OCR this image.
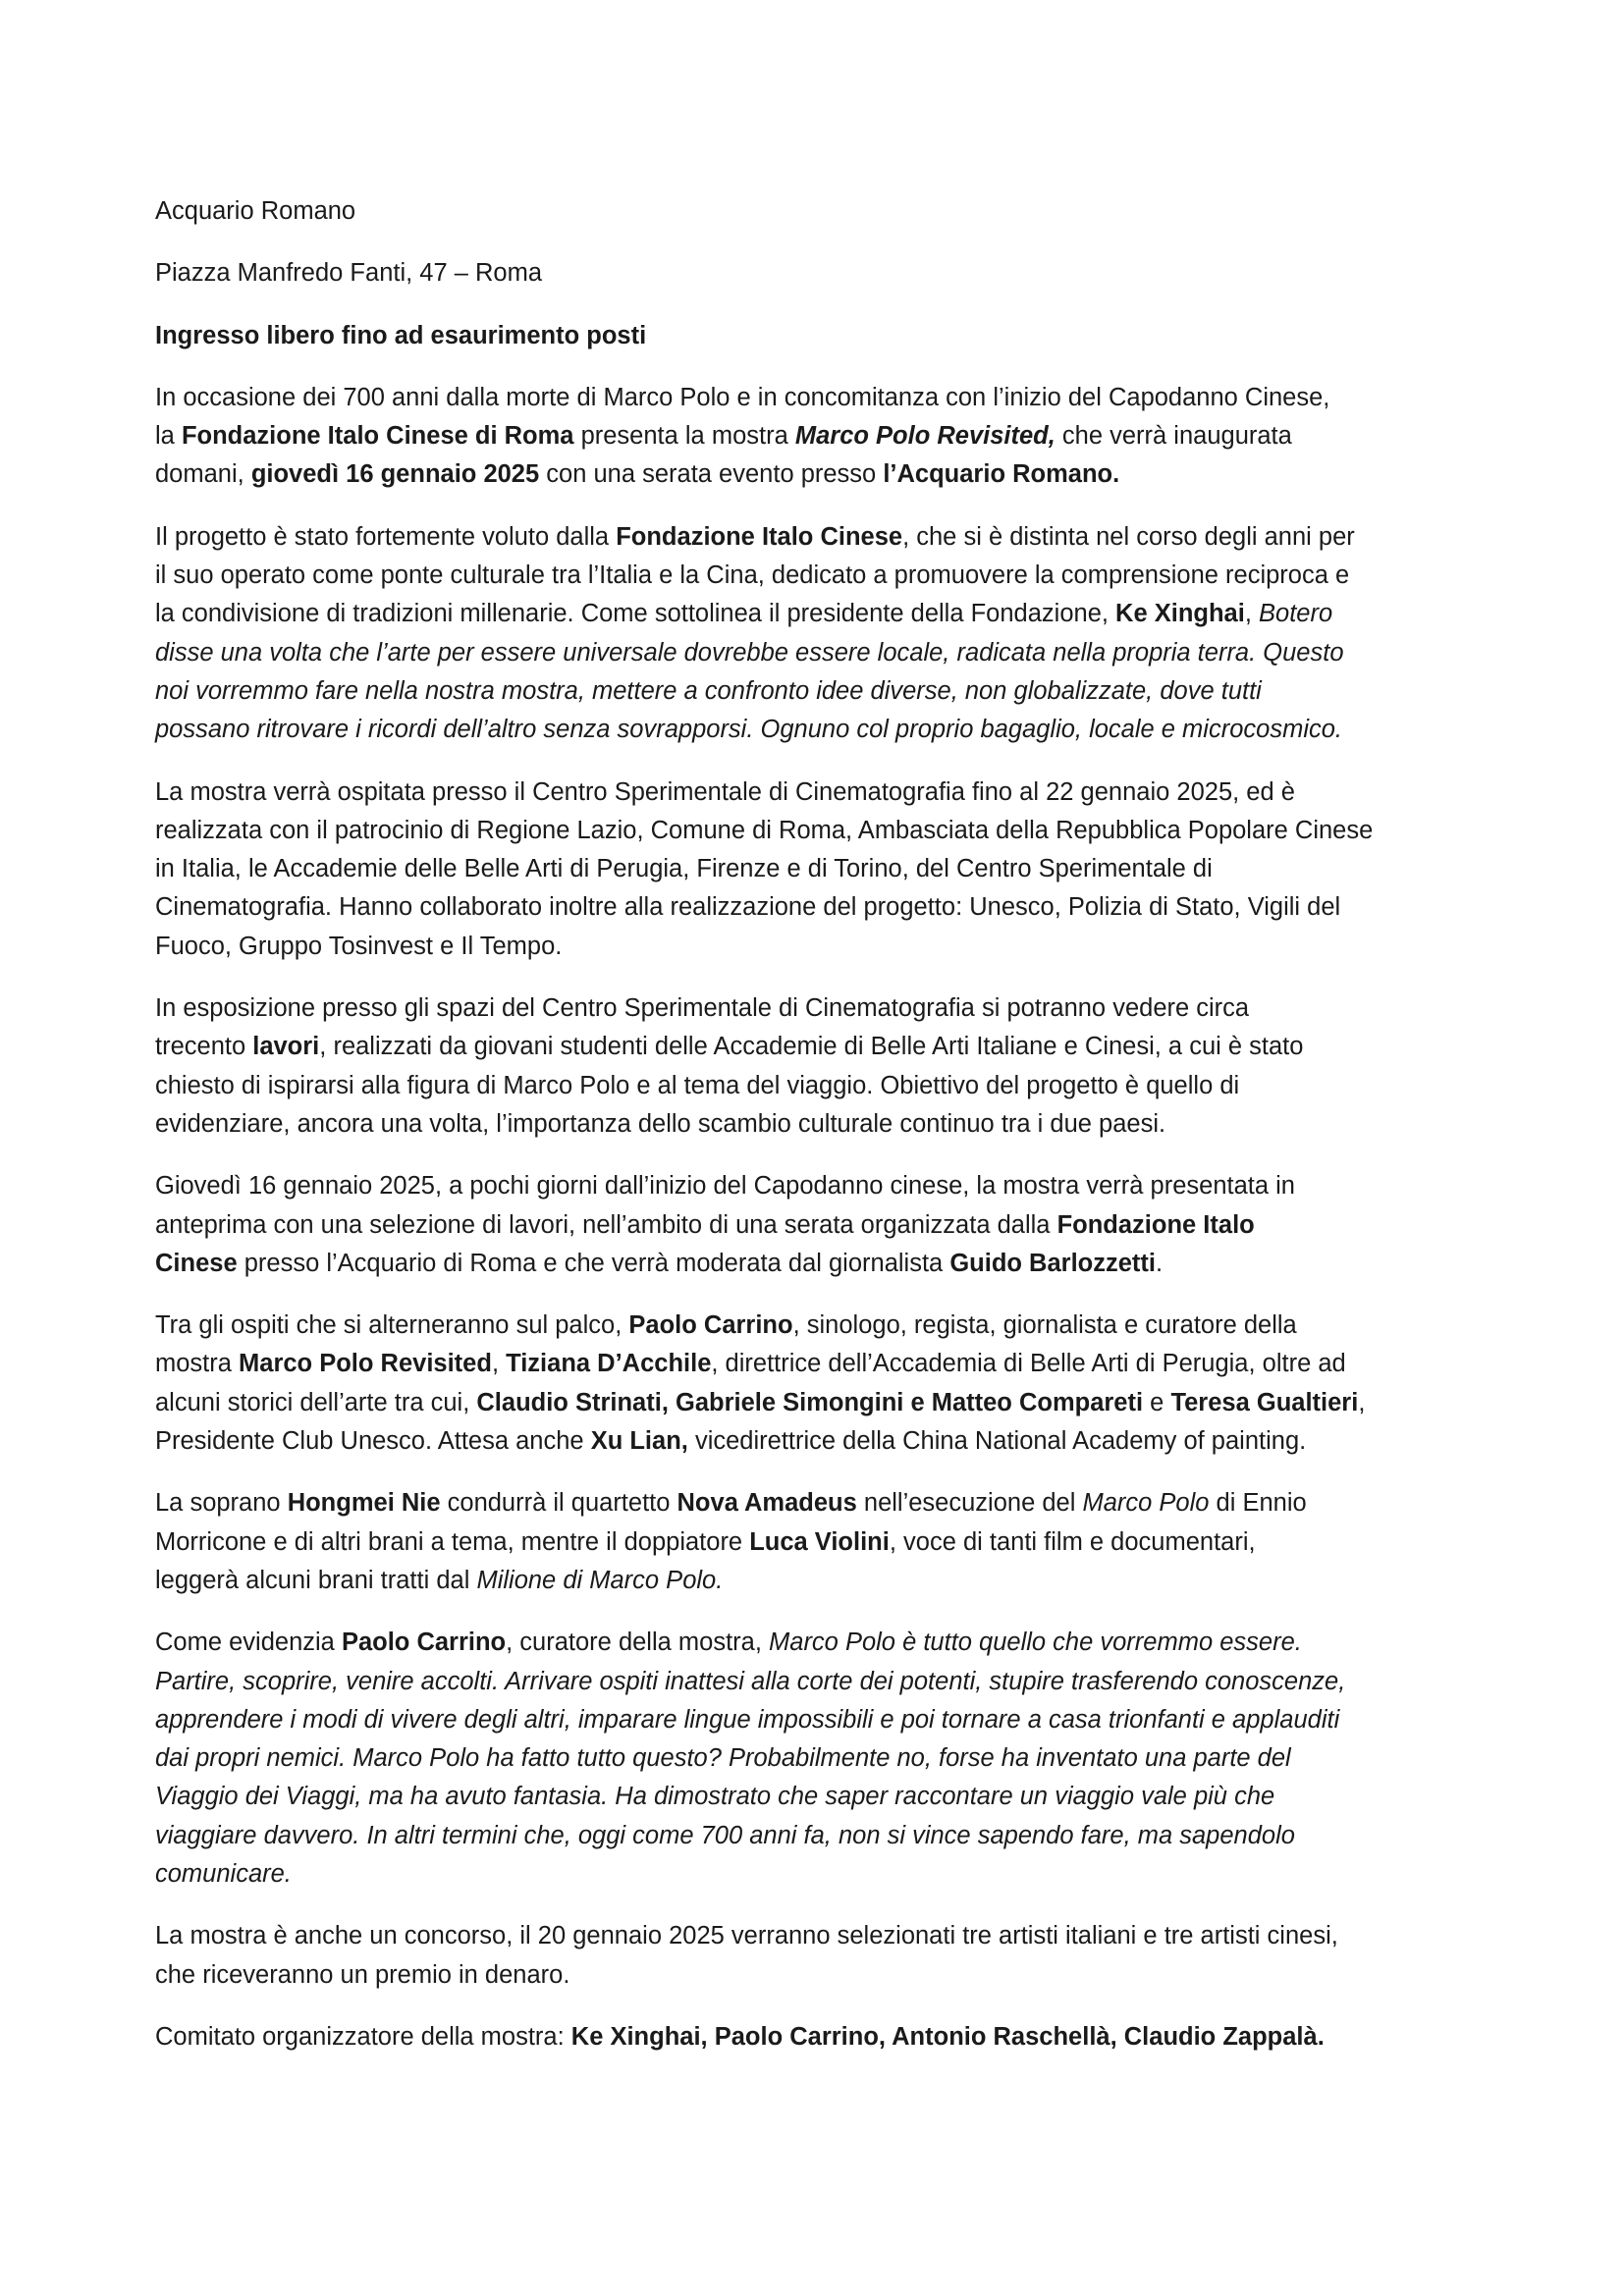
Acquario Romano

Piazza Manfredo Fanti, 47 – Roma

Ingresso libero fino ad esaurimento posti

In occasione dei 700 anni dalla morte di Marco Polo e in concomitanza con l’inizio del Capodanno Cinese,
la Fondazione Italo Cinese di Roma presenta la mostra Marco Polo Revisited, che verrà inaugurata
domani, giovedì 16 gennaio 2025 con una serata evento presso l’Acquario Romano.

Il progetto è stato fortemente voluto dalla Fondazione Italo Cinese, che si è distinta nel corso degli anni per
il suo operato come ponte culturale tra l’Italia e la Cina, dedicato a promuovere la comprensione reciproca e
la condivisione di tradizioni millenarie. Come sottolinea il presidente della Fondazione, Ke Xinghai, Botero
disse una volta che l’arte per essere universale dovrebbe essere locale, radicata nella propria terra. Questo
noi vorremmo fare nella nostra mostra, mettere a confronto idee diverse, non globalizzate, dove tutti
possano ritrovare i ricordi dell’altro senza sovrapporsi. Ognuno col proprio bagaglio, locale e microcosmico.

La mostra verrà ospitata presso il Centro Sperimentale di Cinematografia fino al 22 gennaio 2025, ed è
realizzata con il patrocinio di Regione Lazio, Comune di Roma, Ambasciata della Repubblica Popolare Cinese
in Italia, le Accademie delle Belle Arti di Perugia, Firenze e di Torino, del Centro Sperimentale di
Cinematografia. Hanno collaborato inoltre alla realizzazione del progetto: Unesco, Polizia di Stato, Vigili del
Fuoco, Gruppo Tosinvest e Il Tempo.

In esposizione presso gli spazi del Centro Sperimentale di Cinematografia si potranno vedere circa
trecento lavori, realizzati da giovani studenti delle Accademie di Belle Arti Italiane e Cinesi, a cui è stato
chiesto di ispirarsi alla figura di Marco Polo e al tema del viaggio. Obiettivo del progetto è quello di
evidenziare, ancora una volta, l’importanza dello scambio culturale continuo tra i due paesi.

Giovedì 16 gennaio 2025, a pochi giorni dall’inizio del Capodanno cinese, la mostra verrà presentata in
anteprima con una selezione di lavori, nell’ambito di una serata organizzata dalla Fondazione Italo
Cinese presso l’Acquario di Roma e che verrà moderata dal giornalista Guido Barlozzetti.

Tra gli ospiti che si alterneranno sul palco, Paolo Carrino, sinologo, regista, giornalista e curatore della
mostra Marco Polo Revisited, Tiziana D’Acchile, direttrice dell’Accademia di Belle Arti di Perugia, oltre ad
alcuni storici dell’arte tra cui, Claudio Strinati, Gabriele Simongini e Matteo Compareti e Teresa Gualtieri,
Presidente Club Unesco. Attesa anche Xu Lian, vicedirettrice della China National Academy of painting.

La soprano Hongmei Nie condurrà il quartetto Nova Amadeus nell’esecuzione del Marco Polo di Ennio
Morricone e di altri brani a tema, mentre il doppiatore Luca Violini, voce di tanti film e documentari,
leggerà alcuni brani tratti dal Milione di Marco Polo.

Come evidenzia Paolo Carrino, curatore della mostra, Marco Polo è tutto quello che vorremmo essere.
Partire, scoprire, venire accolti. Arrivare ospiti inattesi alla corte dei potenti, stupire trasferendo conoscenze,
apprendere i modi di vivere degli altri, imparare lingue impossibili e poi tornare a casa trionfanti e applauditi
dai propri nemici. Marco Polo ha fatto tutto questo? Probabilmente no, forse ha inventato una parte del
Viaggio dei Viaggi, ma ha avuto fantasia. Ha dimostrato che saper raccontare un viaggio vale più che
viaggiare davvero. In altri termini che, oggi come 700 anni fa, non si vince sapendo fare, ma sapendolo
comunicare.

La mostra è anche un concorso, il 20 gennaio 2025 verranno selezionati tre artisti italiani e tre artisti cinesi,
che riceveranno un premio in denaro.

Comitato organizzatore della mostra: Ke Xinghai, Paolo Carrino, Antonio Raschellà, Claudio Zappalà.
